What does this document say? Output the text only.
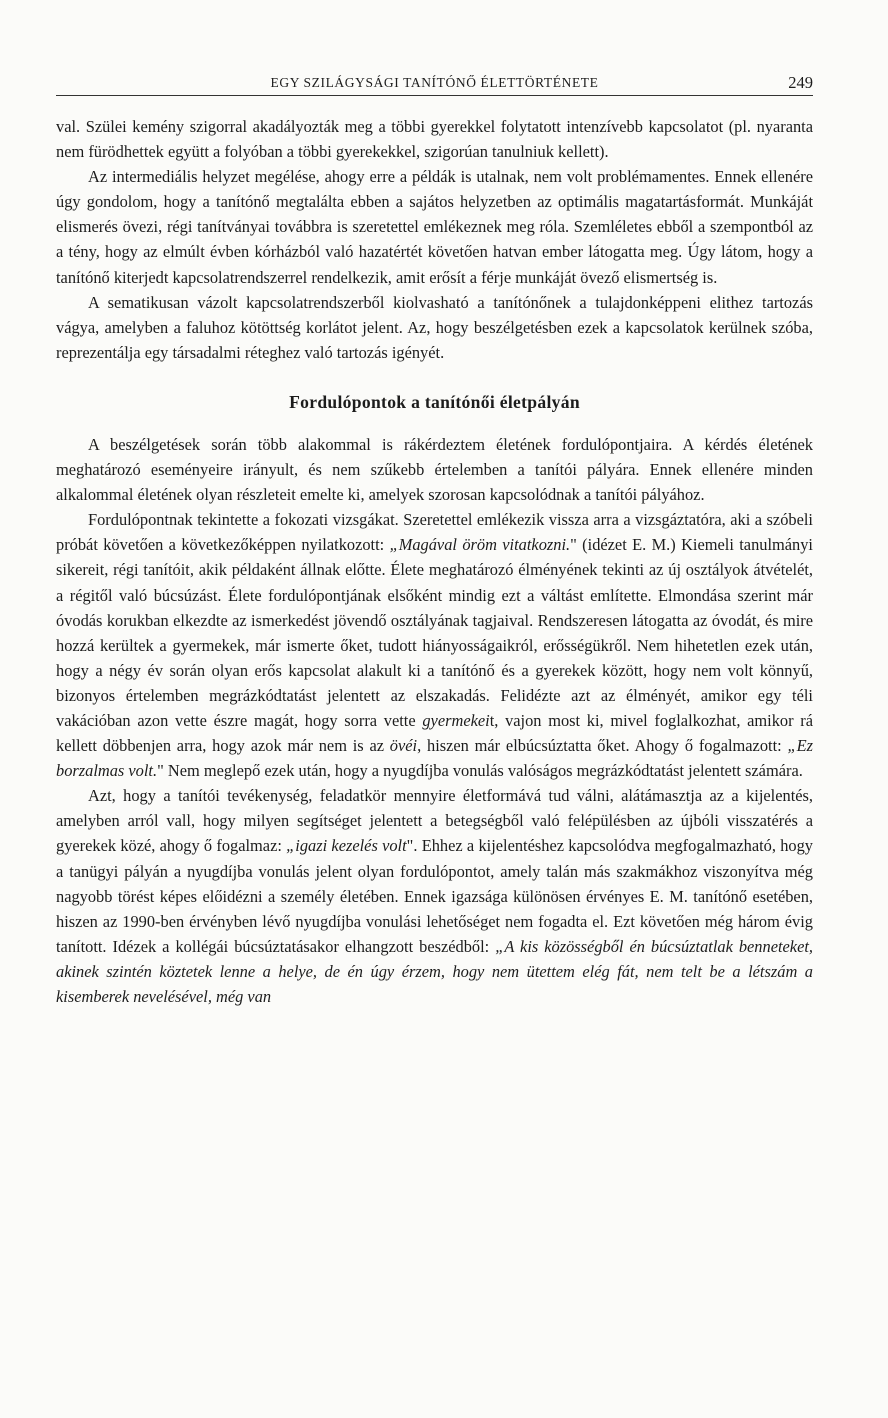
EGY SZILÁGYSÁGI TANÍTÓNŐ ÉLETTÖRTÉNETE	249

val. Szülei kemény szigorral akadályozták meg a többi gyerekkel folytatott intenzívebb kapcsolatot (pl. nyaranta nem fürödhettek együtt a folyóban a többi gyerekekkel, szigorúan tanulniuk kellett).

Az intermediális helyzet megélése, ahogy erre a példák is utalnak, nem volt problémamentes. Ennek ellenére úgy gondolom, hogy a tanítónő megtalálta ebben a sajátos helyzetben az optimális magatartásformát. Munkáját elismerés övezi, régi tanítványai továbbra is szeretettel emlékeznek meg róla. Szemléletes ebből a szempontból az a tény, hogy az elmúlt évben kórházból való hazatértét követően hatvan ember látogatta meg. Úgy látom, hogy a tanítónő kiterjedt kapcsolatrendszerrel rendelkezik, amit erősít a férje munkáját övező elismertség is.

A sematikusan vázolt kapcsolatrendszerből kiolvasható a tanítónőnek a tulajdonképpeni elithez tartozás vágya, amelyben a faluhoz kötöttség korlátot jelent. Az, hogy beszélgetésben ezek a kapcsolatok kerülnek szóba, reprezentálja egy társadalmi réteghez való tartozás igényét.

Fordulópontok a tanítónői életpályán

A beszélgetések során több alakommal is rákérdeztem életének fordulópontjaira. A kérdés életének meghatározó eseményeire irányult, és nem szűkebb értelemben a tanítói pályára. Ennek ellenére minden alkalommal életének olyan részleteit emelte ki, amelyek szorosan kapcsolódnak a tanítói pályához.

Fordulópontnak tekintette a fokozati vizsgákat. Szeretettel emlékezik vissza arra a vizsgáztatóra, aki a szóbeli próbát követően a következőképpen nyilatkozott: „Magával öröm vitatkozni." (idézet E. M.) Kiemeli tanulmányi sikereit, régi tanítóit, akik példaként állnak előtte. Élete meghatározó élményének tekinti az új osztályok átvételét, a régitől való búcsúzást. Élete fordulópontjának elsőként mindig ezt a váltást említette. Elmondása szerint már óvodás korukban elkezdte az ismerkedést jövendő osztályának tagjaival. Rendszeresen látogatta az óvodát, és mire hozzá kerültek a gyermekek, már ismerte őket, tudott hiányosságaikról, erősségükről. Nem hihetetlen ezek után, hogy a négy év során olyan erős kapcsolat alakult ki a tanítónő és a gyerekek között, hogy nem volt könnyű, bizonyos értelemben megrázkódtatást jelentett az elszakadás. Felidézte azt az élményét, amikor egy téli vakációban azon vette észre magát, hogy sorra vette gyermekeit, vajon most ki, mivel foglalkozhat, amikor rá kellett döbbenjen arra, hogy azok már nem is az övéi, hiszen már elbúcsúztatta őket. Ahogy ő fogalmazott: „Ez borzalmas volt." Nem meglepő ezek után, hogy a nyugdíjba vonulás valóságos megrázkódtatást jelentett számára.

Azt, hogy a tanítói tevékenység, feladatkör mennyire életformává tud válni, alátámasztja az a kijelentés, amelyben arról vall, hogy milyen segítséget jelentett a betegségből való felépülésben az újbóli visszatérés a gyerekek közé, ahogy ő fogalmaz: „igazi kezelés volt". Ehhez a kijelentéshez kapcsolódva megfogalmazható, hogy a tanügyi pályán a nyugdíjba vonulás jelent olyan fordulópontot, amely talán más szakmákhoz viszonyítva még nagyobb törést képes előidézni a személy életében. Ennek igazsága különösen érvényes E. M. tanítónő esetében, hiszen az 1990-ben érvényben lévő nyugdíjba vonulási lehetőséget nem fogadta el. Ezt követően még három évig tanított. Idézek a kollégái búcsúztatásakor elhangzott beszédből: „A kis közösségből én búcsúztatlak benneteket, akinek szintén köztetek lenne a helye, de én úgy érzem, hogy nem ütettem elég fát, nem telt be a létszám a kisemberek nevelésével, még van
